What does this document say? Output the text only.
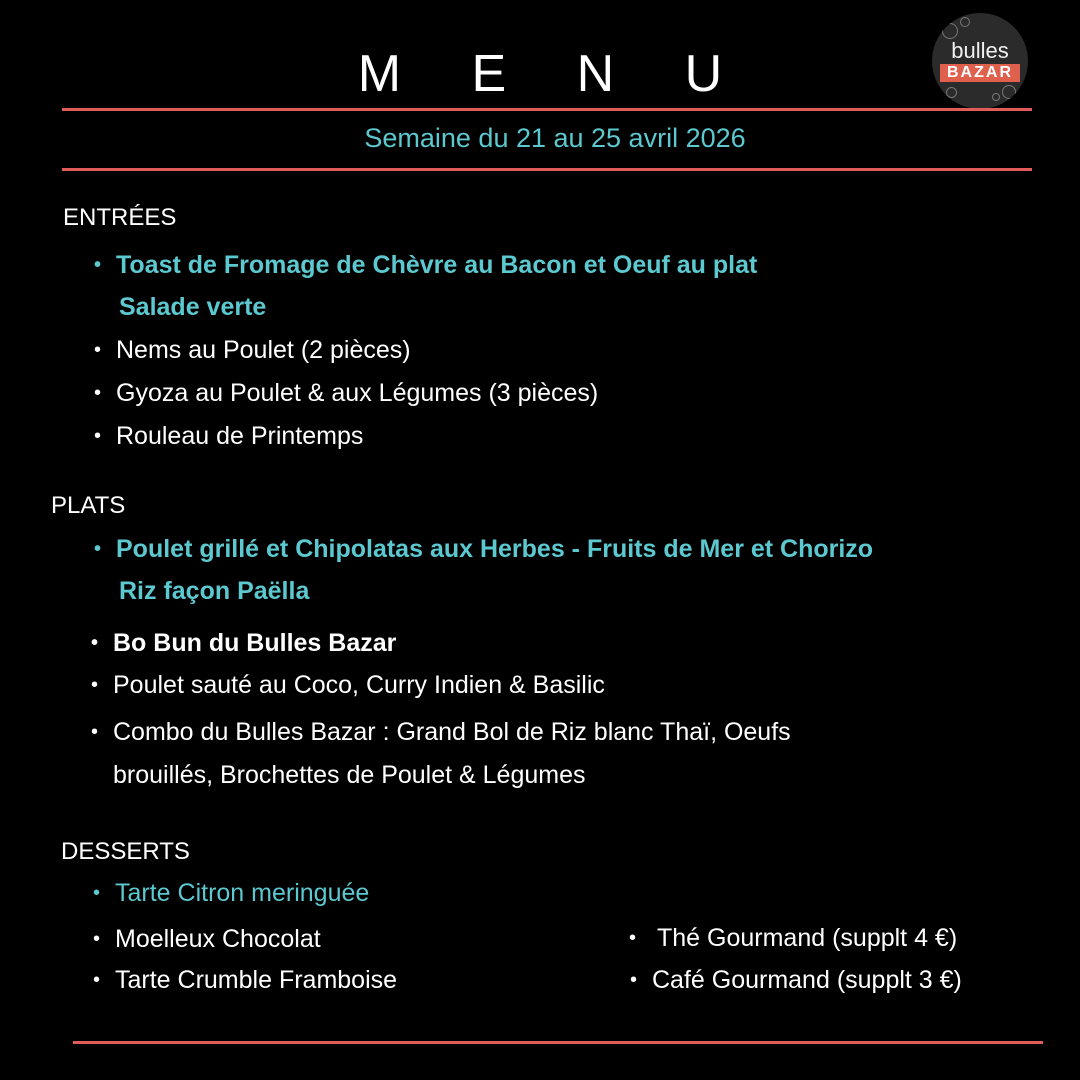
M E N U	bulles
BAZAR
Semaine du 21 au 25 avril 2026
ENTRÉES
• Toast de Fromage de Chèvre au Bacon et Oeuf au plat
Salade verte
• Nems au Poulet (2 pièces)
• Gyoza au Poulet & aux Légumes (3 pièces)
• Rouleau de Printemps
PLATS
• Poulet grillé et Chipolatas aux Herbes - Fruits de Mer et Chorizo
Riz façon Paëlla
• Bo Bun du Bulles Bazar
• Poulet sauté au Coco, Curry Indien & Basilic
• Combo du Bulles Bazar : Grand Bol de Riz blanc Thaï, Oeufs
brouillés, Brochettes de Poulet & Légumes
DESSERTS
• Tarte Citron meringuée
• Moelleux Chocolat
• Tarte Crumble Framboise
• Thé Gourmand (supplt 4 €)
• Café Gourmand (supplt 3 €)
